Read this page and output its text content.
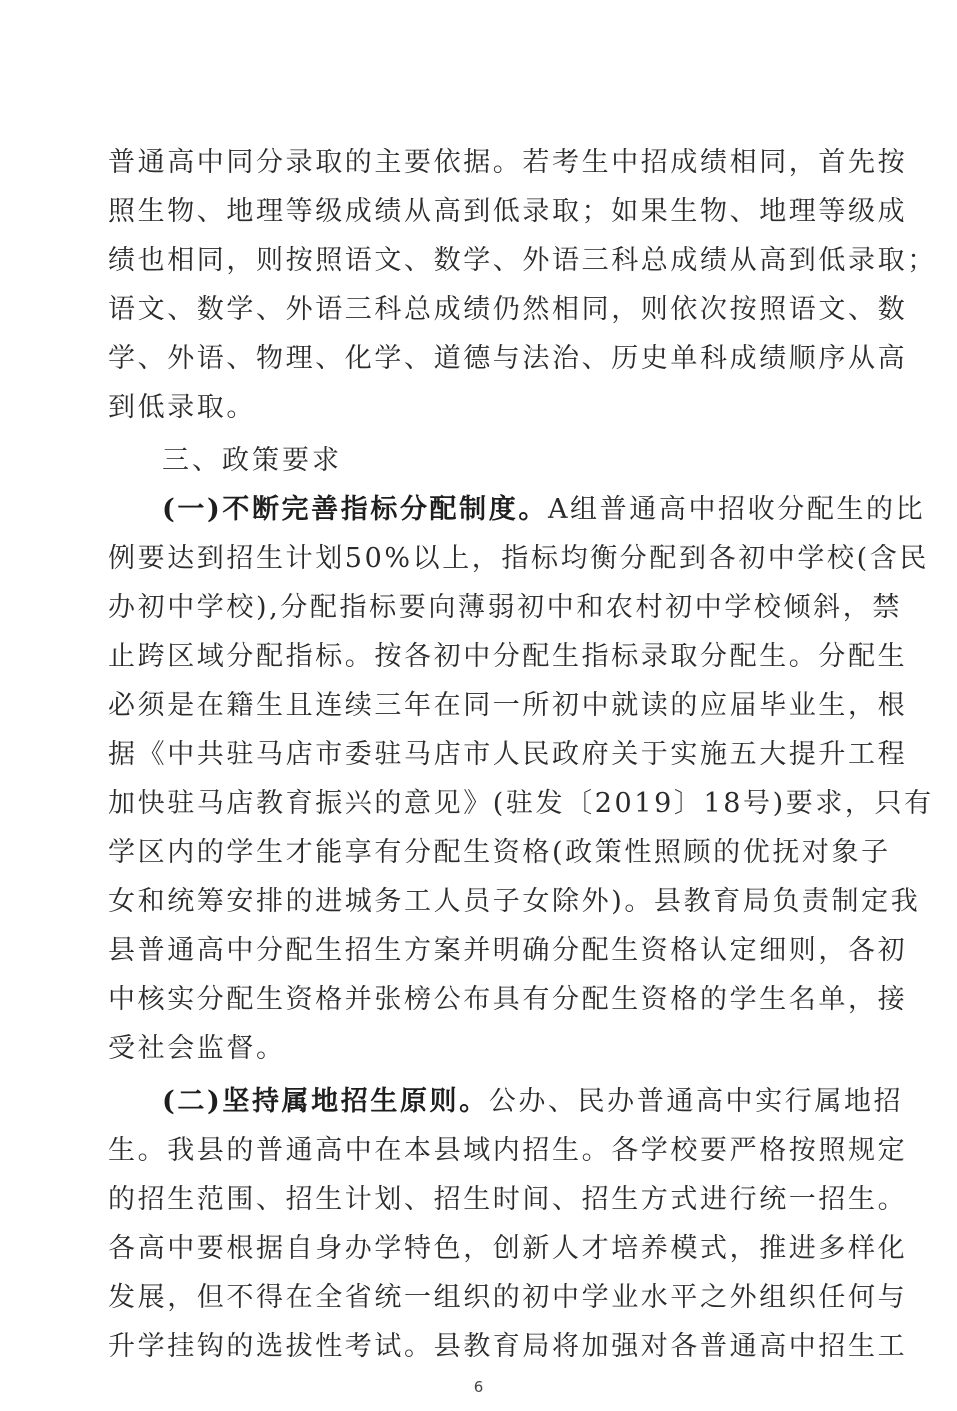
普通高中同分录取的主要依据。若考生中招成绩相同，首先按
照生物、地理等级成绩从高到低录取；如果生物、地理等级成
绩也相同，则按照语文、数学、外语三科总成绩从高到低录取；
语文、数学、外语三科总成绩仍然相同，则依次按照语文、数
学、外语、物理、化学、道德与法治、历史单科成绩顺序从高
到低录取。
三、政策要求
(一)不断完善指标分配制度。A组普通高中招收分配生的比
例要达到招生计划50%以上，指标均衡分配到各初中学校(含民
办初中学校),分配指标要向薄弱初中和农村初中学校倾斜，禁
止跨区域分配指标。按各初中分配生指标录取分配生。分配生
必须是在籍生且连续三年在同一所初中就读的应届毕业生，根
据《中共驻马店市委驻马店市人民政府关于实施五大提升工程
加快驻马店教育振兴的意见》(驻发〔2019〕18号)要求，只有
学区内的学生才能享有分配生资格(政策性照顾的优抚对象子
女和统筹安排的进城务工人员子女除外)。县教育局负责制定我
县普通高中分配生招生方案并明确分配生资格认定细则，各初
中核实分配生资格并张榜公布具有分配生资格的学生名单，接
受社会监督。
(二)坚持属地招生原则。公办、民办普通高中实行属地招
生。我县的普通高中在本县域内招生。各学校要严格按照规定
的招生范围、招生计划、招生时间、招生方式进行统一招生。
各高中要根据自身办学特色，创新人才培养模式，推进多样化
发展，但不得在全省统一组织的初中学业水平之外组织任何与
升学挂钩的选拔性考试。县教育局将加强对各普通高中招生工
6
